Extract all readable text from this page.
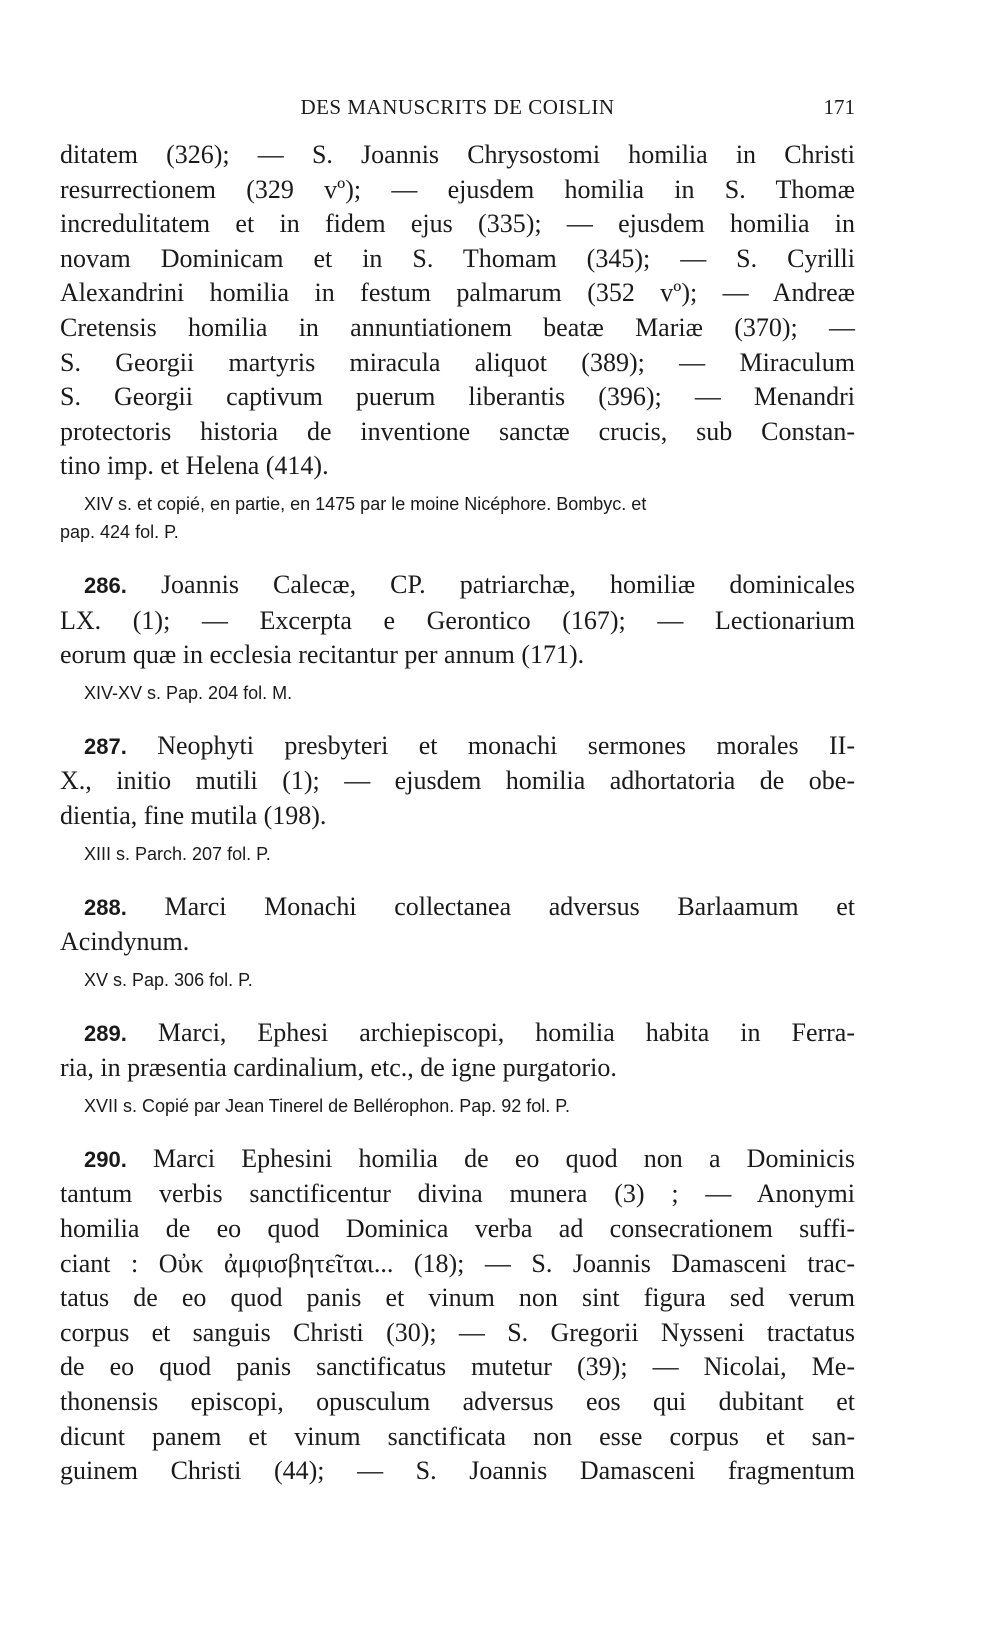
DES MANUSCRITS DE COISLIN	171
ditatem (326); — S. Joannis Chrysostomi homilia in Christi
resurrectionem (329 vº); — ejusdem homilia in S. Thomæ
incredulitatem et in fidem ejus (335); — ejusdem homilia in
novam Dominicam et in S. Thomam (345); — S. Cyrilli
Alexandrini homilia in festum palmarum (352 vº); — Andreæ
Cretensis homilia in annuntiationem beatæ Mariæ (370); —
S. Georgii martyris miracula aliquot (389); — Miraculum
S. Georgii captivum puerum liberantis (396); — Menandri
protectoris historia de inventione sanctæ crucis, sub Constan-
tino imp. et Helena (414).
XIV s. et copié, en partie, en 1475 par le moine Nicéphore. Bombyc. et
pap. 424 fol. P.
286. Joannis Calecæ, CP. patriarchæ, homiliæ dominicales
LX. (1); — Excerpta e Gerontico (167); — Lectionarium
eorum quæ in ecclesia recitantur per annum (171).
XIV-XV s. Pap. 204 fol. M.
287. Neophyti presbyteri et monachi sermones morales II-
X., initio mutili (1); — ejusdem homilia adhortatoria de obe-
dientia, fine mutila (198).
XIII s. Parch. 207 fol. P.
288. Marci Monachi collectanea adversus Barlaamum et
Acindynum.
XV s. Pap. 306 fol. P.
289. Marci, Ephesi archiepiscopi, homilia habita in Ferra-
ria, in præsentia cardinalium, etc., de igne purgatorio.
XVII s. Copié par Jean Tinerel de Bellérophon. Pap. 92 fol. P.
290. Marci Ephesini homilia de eo quod non a Dominicis
tantum verbis sanctificentur divina munera (3) ; — Anonymi
homilia de eo quod Dominica verba ad consecrationem suffi-
ciant : Οὐκ ἀμφισβητεῖται... (18); — S. Joannis Damasceni trac-
tatus de eo quod panis et vinum non sint figura sed verum
corpus et sanguis Christi (30); — S. Gregorii Nysseni tractatus
de eo quod panis sanctificatus mutetur (39); — Nicolai, Me-
thonensis episcopi, opusculum adversus eos qui dubitant et
dicunt panem et vinum sanctificata non esse corpus et san-
guinem Christi (44); — S. Joannis Damasceni fragmentum
